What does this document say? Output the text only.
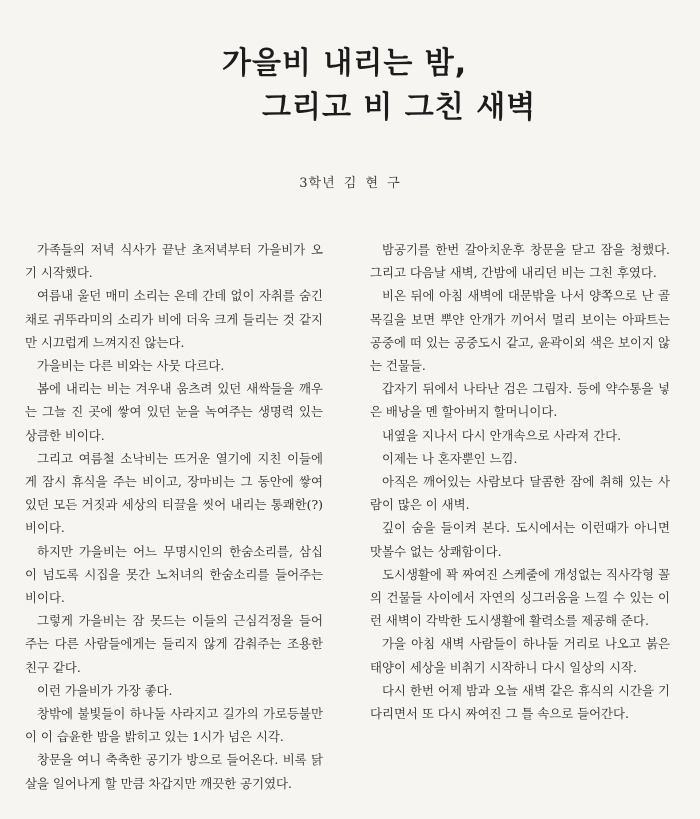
가을비 내리는 밤,
그리고 비 그친 새벽
3학년 김 현 구

가족들의 저녁 식사가 끝난 초저녁부터 가을비가 오기 시작했다.

여름내 울던 매미 소리는 온데 간데 없이 자취를 숨긴채로 귀뚜라미의 소리가 비에 더욱 크게 들리는 것 같지만 시끄럽게 느껴지진 않는다.

가을비는 다른 비와는 사뭇 다르다.

봄에 내리는 비는 겨우내 움츠려 있던 새싹들을 깨우는 그늘 진 곳에 쌓여 있던 눈을 녹여주는 생명력 있는 상큼한 비이다.

그리고 여름철 소낙비는 뜨거운 열기에 지친 이들에게 잠시 휴식을 주는 비이고, 장마비는 그 동안에 쌓여 있던 모든 거짓과 세상의 티끌을 씻어 내리는 통쾌한(?) 비이다.

하지만 가을비는 어느 무명시인의 한숨소리를, 삼십이 넘도록 시집을 못간 노처녀의 한숨소리를 들어주는 비이다.

그렇게 가을비는 잠 못드는 이들의 근심걱정을 들어 주는 다른 사람들에게는 들리지 않게 감춰주는 조용한 친구 같다.

이런 가을비가 가장 좋다.

창밖에 불빛들이 하나둘 사라지고 길가의 가로등불만이 이 습윤한 밤을 밝히고 있는 1시가 넘은 시각.

창문을 여니 축축한 공기가 방으로 들어온다. 비록 닭살을 일어나게 할 만큼 차갑지만 깨끗한 공기였다.

밤공기를 한번 갈아치운후 창문을 닫고 잠을 청했다. 그리고 다음날 새벽, 간밤에 내리던 비는 그친 후였다.

비온 뒤에 아침 새벽에 대문밖을 나서 양쪽으로 난 골목길을 보면 뿌얀 안개가 끼어서 멀리 보이는 아파트는 공중에 떠 있는 공중도시 같고, 윤곽이외 색은 보이지 않는 건물들.

갑자기 뒤에서 나타난 검은 그림자. 등에 약수통을 넣은 배낭을 멘 할아버지 할머니이다.

내옆을 지나서 다시 안개속으로 사라져 간다.

이제는 나 혼자뿐인 느낌.

아직은 깨어있는 사람보다 달콤한 잠에 취해 있는 사람이 많은 이 새벽.

깊이 숨을 들이켜 본다. 도시에서는 이런때가 아니면 맛볼수 없는 상쾌함이다.

도시생활에 꽉 짜여진 스케줄에 개성없는 직사각형 꼴의 건물들 사이에서 자연의 싱그러움을 느낄 수 있는 이런 새벽이 각박한 도시생활에 활력소를 제공해 준다.

가을 아침 새벽 사람들이 하나둘 거리로 나오고 붉은 태양이 세상을 비취기 시작하니 다시 일상의 시작.

다시 한번 어제 밤과 오늘 새벽 같은 휴식의 시간을 기다리면서 또 다시 짜여진 그 틀 속으로 들어간다.
